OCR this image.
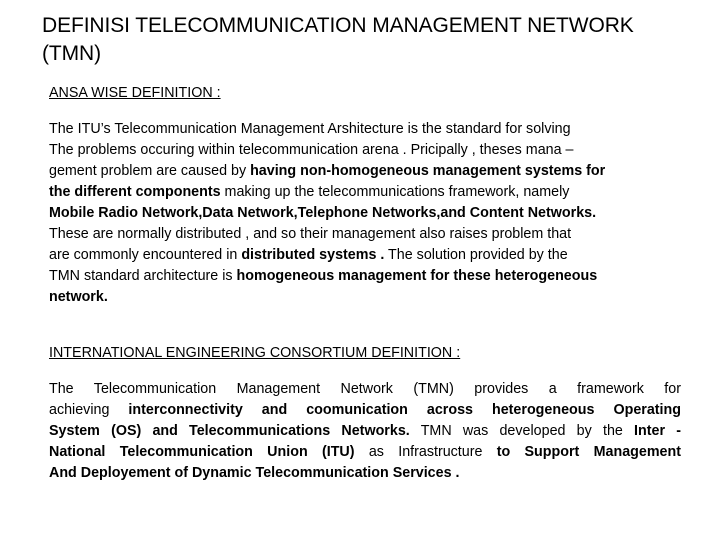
DEFINISI TELECOMMUNICATION MANAGEMENT NETWORK
(TMN)
ANSA WISE DEFINITION :
The ITU’s Telecommunication Management Arshitecture is the standard for solving
The problems occuring within telecommunication arena . Pricipally , theses mana –
gement problem are caused by having non-homogeneous management systems for
the different components making up the telecommunications framework, namely
Mobile Radio Network,Data Network,Telephone Networks,and Content Networks.
These are normally distributed , and so their management also raises problem that
are commonly encountered in distributed systems . The solution provided by the
TMN standard architecture is homogeneous management for these heterogeneous
network.
INTERNATIONAL ENGINEERING CONSORTIUM DEFINITION :
The Telecommunication Management Network (TMN) provides a framework for
achieving interconnectivity and coomunication across heterogeneous Operating
System (OS) and Telecommunications Networks. TMN was developed by the Inter -
National Telecommunication Union (ITU) as Infrastructure to Support Management
And Deployement of Dynamic Telecommunication Services .
